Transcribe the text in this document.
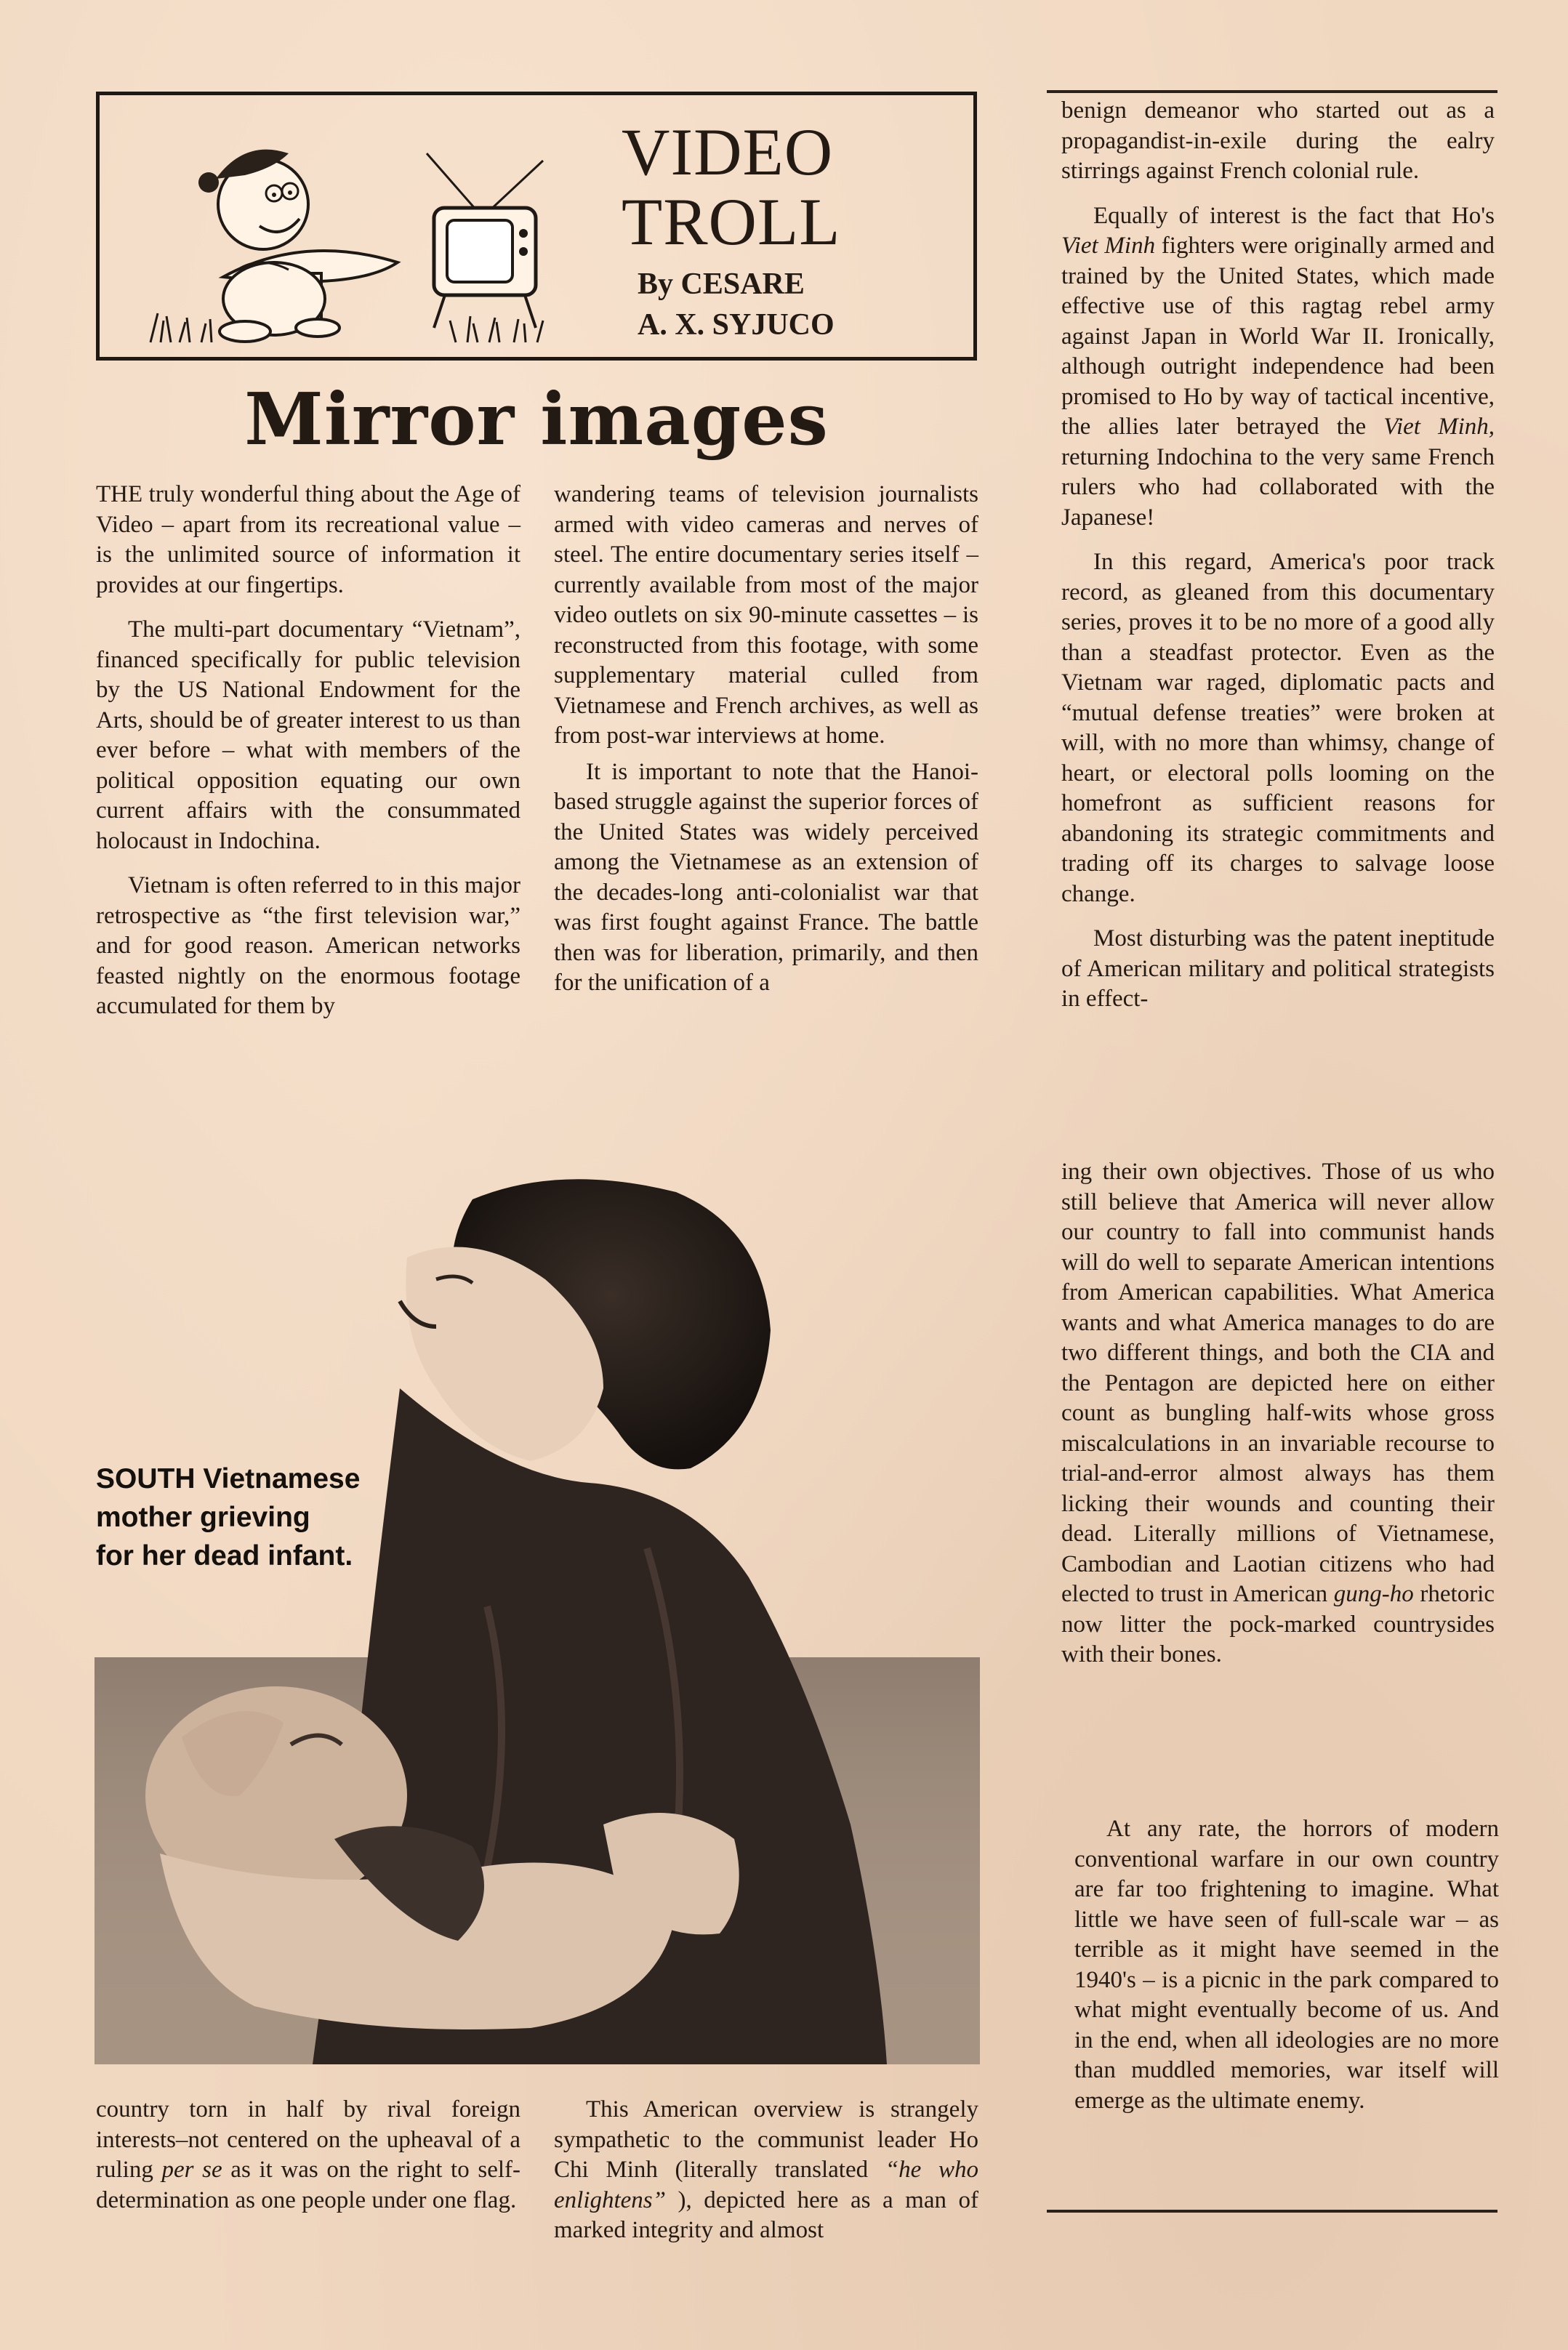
VIDEO
TROLL
By CESARE
A. X. SYJUCO
Mirror images

THE truly wonderful thing about the Age of Video – apart from its recreational value – is the unlimited source of information it provides at our fingertips.

The multi-part documentary “Vietnam”, financed specifically for public television by the US National Endowment for the Arts, should be of greater interest to us than ever before – what with members of the political opposition equating our own current affairs with the consummated holocaust in Indochina.

Vietnam is often referred to in this major retrospective as “the first television war,” and for good reason. American networks feasted nightly on the enormous footage accumulated for them by

wandering teams of television journalists armed with video cameras and nerves of steel. The entire documentary series itself – currently available from most of the major video outlets on six 90-minute cassettes – is reconstructed from this footage, with some supplementary material culled from Vietnamese and French archives, as well as from post-war interviews at home.

It is important to note that the Hanoi-based struggle against the superior forces of the United States was widely perceived among the Vietnamese as an extension of the decades-long anti-colonialist war that was first fought against France. The battle then was for liberation, primarily, and then for the unification of a

benign demeanor who started out as a propagandist-in-exile during the ealry stirrings against French colonial rule.

Equally of interest is the fact that Ho's Viet Minh fighters were originally armed and trained by the United States, which made effective use of this ragtag rebel army against Japan in World War II. Ironically, although outright independence had been promised to Ho by way of tactical incentive, the allies later betrayed the Viet Minh, returning Indochina to the very same French rulers who had collaborated with the Japanese!

In this regard, America's poor track record, as gleaned from this documentary series, proves it to be no more of a good ally than a steadfast protector. Even as the Vietnam war raged, diplomatic pacts and “mutual defense treaties” were broken at will, with no more than whimsy, change of heart, or electoral polls looming on the homefront as sufficient reasons for abandoning its strategic commitments and trading off its charges to salvage loose change.

Most disturbing was the patent ineptitude of American military and political strategists in effect-

ing their own objectives. Those of us who still believe that America will never allow our country to fall into communist hands will do well to separate American intentions from American capabilities. What America wants and what America manages to do are two different things, and both the CIA and the Pentagon are depicted here on either count as bungling half-wits whose gross miscalculations in an invariable recourse to trial-and-error almost always has them licking their wounds and counting their dead. Literally millions of Vietnamese, Cambodian and Laotian citizens who had elected to trust in American gung-ho rhetoric now litter the pock-marked countrysides with their bones.

At any rate, the horrors of modern conventional warfare in our own country are far too frightening to imagine. What little we have seen of full-scale war – as terrible as it might have seemed in the 1940's – is a picnic in the park compared to what might eventually become of us. And in the end, when all ideologies are no more than muddled memories, war itself will emerge as the ultimate enemy.

SOUTH Vietnamese
mother grieving
for her dead infant.

country torn in half by rival foreign interests–not centered on the upheaval of a ruling per se as it was on the right to self-determination as one people under one flag.

This American overview is strangely sympathetic to the communist leader Ho Chi Minh (literally translated “he who enlightens” ), depicted here as a man of marked integrity and almost
